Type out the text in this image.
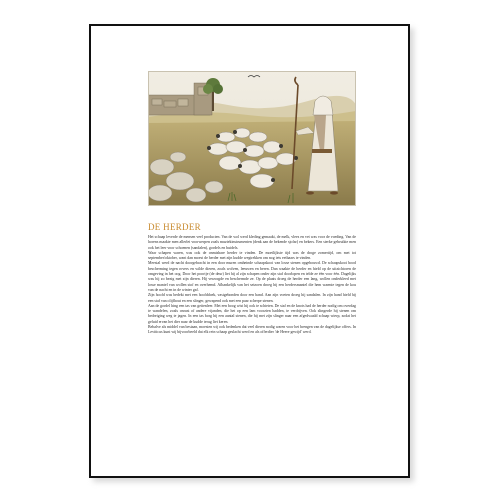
DE HERDER

Het schaap leverde de mensen veel producten. Van de wol werd kleding gemaakt, de melk, vlees en vet was voor de voeding. Van de horens maakte men allerlei voorwerpen zoals muziekinstrumenten (denk aan de bekende sjofar) en bekers. Een sterke gebruikte men ook het leer voor schoenen (sandalen), gordels en buidels.

Waar schapen waren, was ook de onmisbare herder te vinden. De moeilijkste tijd was de droge zomertijd, om met tot september/oktober, want dan moest de herder met zijn kudde wegtrekken om nog iets eetbaars te vinden.

Meestal werd de nacht doorgebracht in een door muren omheinde schaapskooi van losse stenen opgebouwd. De schaapskooi bood bescherming tegen rovers en wilde dieren, zoals wolven, leeuwen en beren. Dan waakte de herder en hield op de uitzichtoren de omgeving in het oog. Door het poortje (de deur) liet hij al zijn schapen onder zijn staf doorlopen en telde ze één voor één. Dagelijks was hij zo bezig met zijn dieren. Hij verzorgde en beschermde ze. Op de plaats droeg de herder een lang, wollen onderkleed met losse mantel van wollen stof en overhemd. Afhankelijk van het seizoen droeg hij een herdersmantel die hem warmte tegen de kou van de nacht en in de winter gaf.

Zijn hoofd was bedekt met een hoofddoek, vastgebonden door een band. Aan zijn voeten droeg hij sandalen. In zijn hand hield hij een staf van olijfhout en een slinger, gewapend ook met een paar scherpe stenen.

Aan de gordel hing een tas van geitenleer. Met een boog wist hij ook te schieten. De staf en de knots had de herder nodig om overdag te wandelen, zoals onrust of andere vijanden, die het op een lam voorzien hadden, te verdrijven. Ook slingerde hij stenen om bedreiging weg te jagen. In een tas borg hij een aantal stenen, die hij met zijn slinger naar een afgedwaald schaap wierp, zodat het geluid ervan het dier naar de kudde terug liet keren.

Behalve als middel van bestaan, moesten wij ook bedenken dat veel dieren nodig waren voor het brengen van de dagelijkse offers. In Leviticus kunt wij bijvoorbeeld dat elk rein schaap geslacht werd en als offerdier 'de Heere gewijd' werd.
